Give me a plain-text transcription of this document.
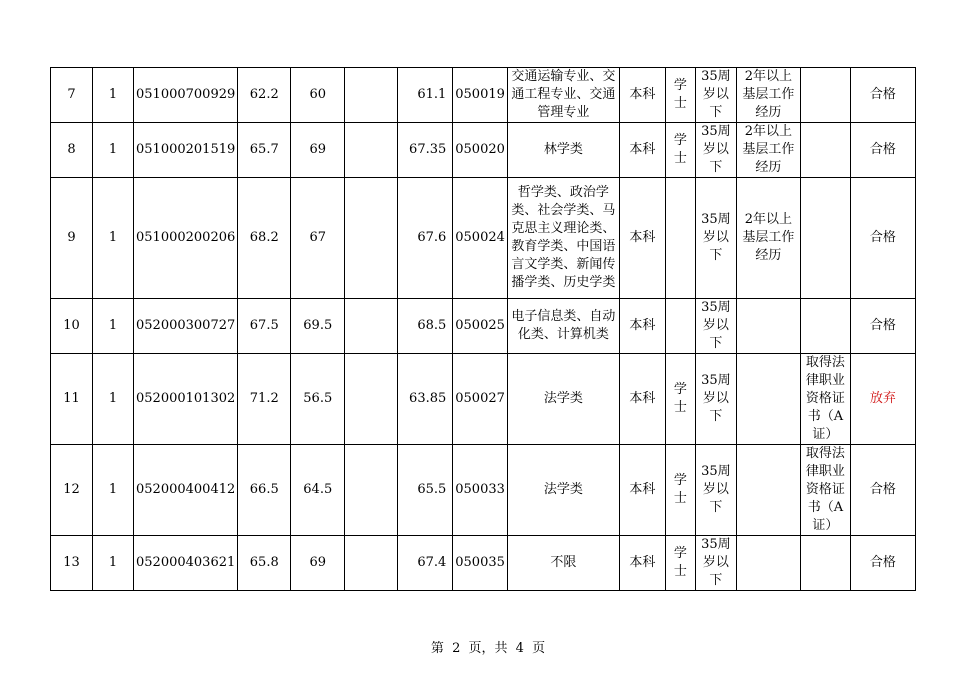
7	1	051000700929	62.2	60		61.1	050019	交通运输专业、交通工程专业、交通管理专业	本科	学士	35周岁以下	2年以上基层工作经历		合格
8	1	051000201519	65.7	69		67.35	050020	林学类	本科	学士	35周岁以下	2年以上基层工作经历		合格
9	1	051000200206	68.2	67		67.6	050024	哲学类、政治学类、社会学类、马克思主义理论类、 教育学类、中国语言文学类、新闻传播学类、历史学类	本科		35周岁以下	2年以上基层工作经历		合格
10	1	052000300727	67.5	69.5		68.5	050025	电子信息类、自动化类、计算机类	本科		35周岁以下			合格
11	1	052000101302	71.2	56.5		63.85	050027	法学类	本科	学士	35周岁以下		取得法律职业资格证书（A证）	放弃
12	1	052000400412	66.5	64.5		65.5	050033	法学类	本科	学士	35周岁以下		取得法律职业资格证书（A证）	合格
13	1	052000403621	65.8	69		67.4	050035	不限	本科	学士	35周岁以下			合格
第 2 页，共 4 页
